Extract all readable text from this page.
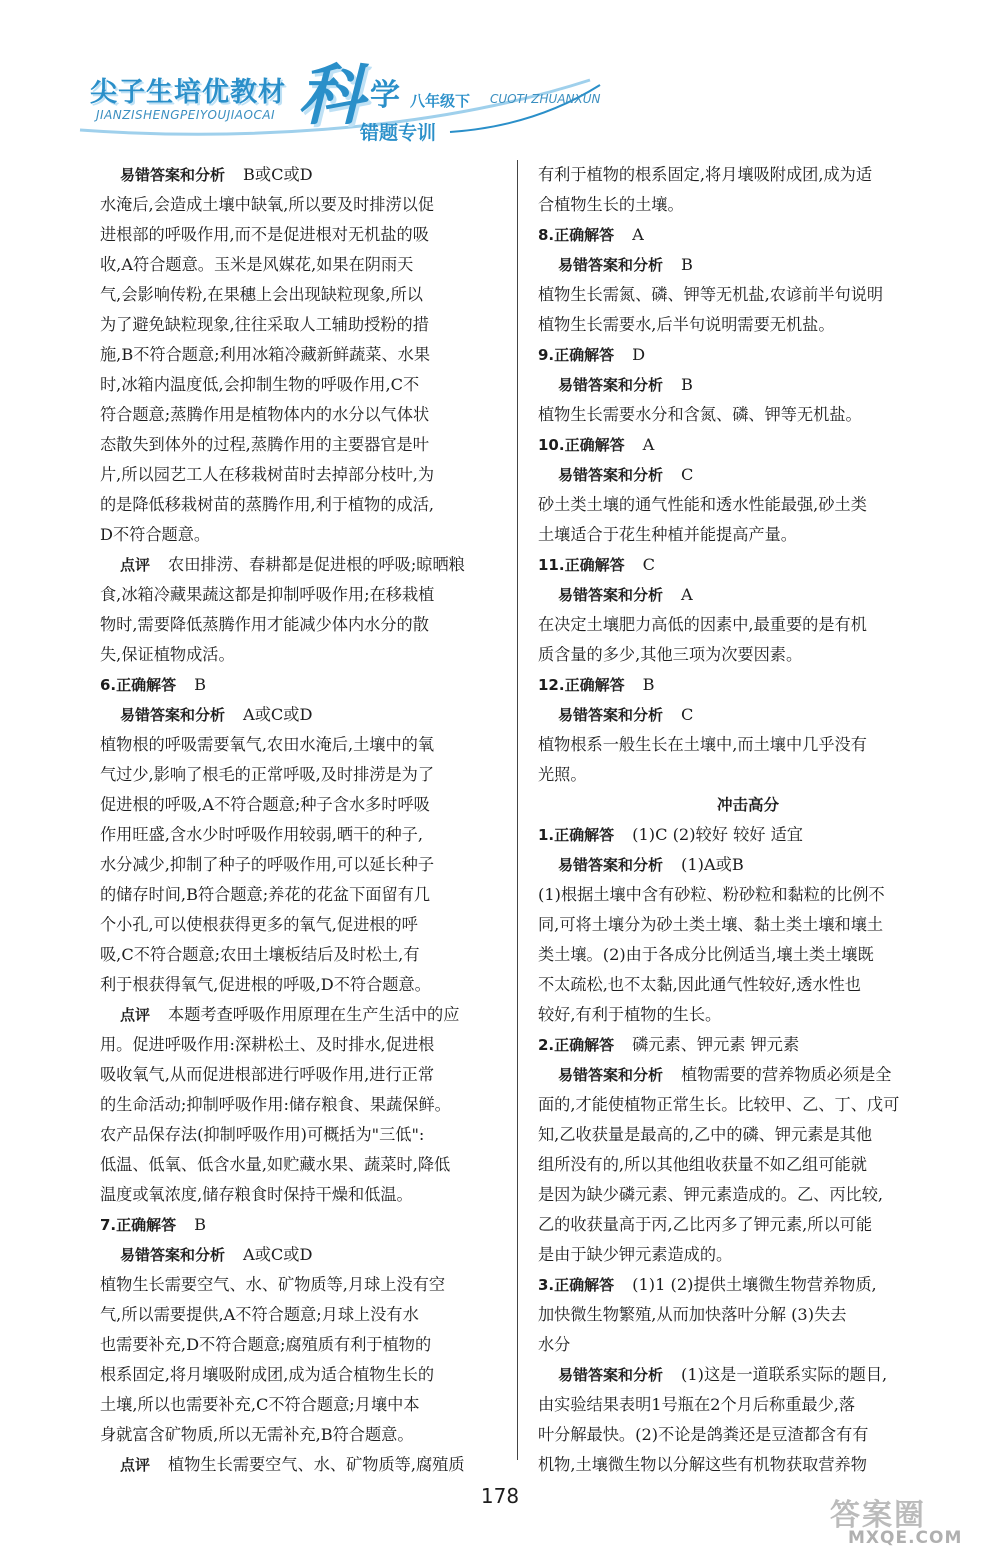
尖子生培优教材
JIANZISHENGPEIYOUJIAOCAI 科 学 八年级下 CUOTI ZHUANXUN
错题专训
易错答案和分析 B或C或D
水淹后,会造成土壤中缺氧,所以要及时排涝以促
进根部的呼吸作用,而不是促进根对无机盐的吸
收,A符合题意。玉米是风媒花,如果在阴雨天
气,会影响传粉,在果穗上会出现缺粒现象,所以
为了避免缺粒现象,往往采取人工辅助授粉的措
施,B不符合题意;利用冰箱冷藏新鲜蔬菜、水果
时,冰箱内温度低,会抑制生物的呼吸作用,C不
符合题意;蒸腾作用是植物体内的水分以气体状
态散失到体外的过程,蒸腾作用的主要器官是叶
片,所以园艺工人在移栽树苗时去掉部分枝叶,为
的是降低移栽树苗的蒸腾作用,利于植物的成活,
D不符合题意。
点评 农田排涝、春耕都是促进根的呼吸;晾晒粮
食,冰箱冷藏果蔬这都是抑制呼吸作用;在移栽植
物时,需要降低蒸腾作用才能减少体内水分的散
失,保证植物成活。
6.正确解答 B
易错答案和分析 A或C或D
植物根的呼吸需要氧气,农田水淹后,土壤中的氧
气过少,影响了根毛的正常呼吸,及时排涝是为了
促进根的呼吸,A不符合题意;种子含水多时呼吸
作用旺盛,含水少时呼吸作用较弱,晒干的种子,
水分减少,抑制了种子的呼吸作用,可以延长种子
的储存时间,B符合题意;养花的花盆下面留有几
个小孔,可以使根获得更多的氧气,促进根的呼
吸,C不符合题意;农田土壤板结后及时松土,有
利于根获得氧气,促进根的呼吸,D不符合题意。
点评 本题考查呼吸作用原理在生产生活中的应
用。促进呼吸作用:深耕松土、及时排水,促进根
吸收氧气,从而促进根部进行呼吸作用,进行正常
的生命活动;抑制呼吸作用:储存粮食、果蔬保鲜。
农产品保存法(抑制呼吸作用)可概括为"三低":
低温、低氧、低含水量,如贮藏水果、蔬菜时,降低
温度或氧浓度,储存粮食时保持干燥和低温。
7.正确解答 B
易错答案和分析 A或C或D
植物生长需要空气、水、矿物质等,月球上没有空
气,所以需要提供,A不符合题意;月球上没有水
也需要补充,D不符合题意;腐殖质有利于植物的
根系固定,将月壤吸附成团,成为适合植物生长的
土壤,所以也需要补充,C不符合题意;月壤中本
身就富含矿物质,所以无需补充,B符合题意。
点评 植物生长需要空气、水、矿物质等,腐殖质
有利于植物的根系固定,将月壤吸附成团,成为适
合植物生长的土壤。
8.正确解答 A
易错答案和分析 B
植物生长需氮、磷、钾等无机盐,农谚前半句说明
植物生长需要水,后半句说明需要无机盐。
9.正确解答 D
易错答案和分析 B
植物生长需要水分和含氮、磷、钾等无机盐。
10.正确解答 A
易错答案和分析 C
砂土类土壤的通气性能和透水性能最强,砂土类
土壤适合于花生种植并能提高产量。
11.正确解答 C
易错答案和分析 A
在决定土壤肥力高低的因素中,最重要的是有机
质含量的多少,其他三项为次要因素。
12.正确解答 B
易错答案和分析 C
植物根系一般生长在土壤中,而土壤中几乎没有
光照。
冲击高分
1.正确解答 (1)C (2)较好 较好 适宜
易错答案和分析 (1)A或B
(1)根据土壤中含有砂粒、粉砂粒和黏粒的比例不
同,可将土壤分为砂土类土壤、黏土类土壤和壤土
类土壤。(2)由于各成分比例适当,壤土类土壤既
不太疏松,也不太黏,因此通气性较好,透水性也
较好,有利于植物的生长。
2.正确解答 磷元素、钾元素 钾元素
易错答案和分析 植物需要的营养物质必须是全
面的,才能使植物正常生长。比较甲、乙、丁、戊可
知,乙收获量是最高的,乙中的磷、钾元素是其他
组所没有的,所以其他组收获量不如乙组可能就
是因为缺少磷元素、钾元素造成的。乙、丙比较,
乙的收获量高于丙,乙比丙多了钾元素,所以可能
是由于缺少钾元素造成的。
3.正确解答 (1)1 (2)提供土壤微生物营养物质,
加快微生物繁殖,从而加快落叶分解 (3)失去
水分
易错答案和分析 (1)这是一道联系实际的题目,
由实验结果表明1号瓶在2个月后称重最少,落
叶分解最快。(2)不论是鸽粪还是豆渣都含有有
机物,土壤微生物以分解这些有机物获取营养物
178
答案圈
MXQE.COM
